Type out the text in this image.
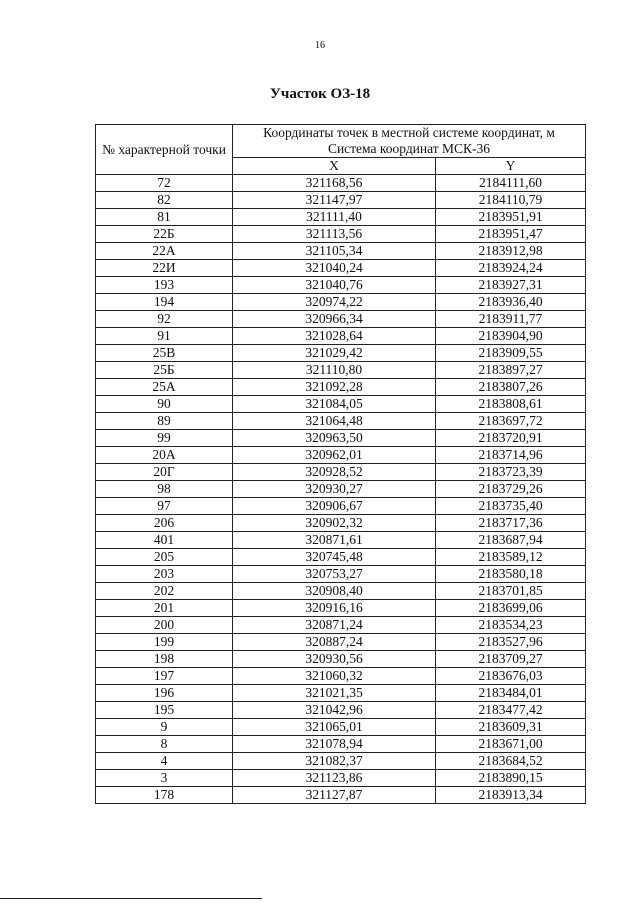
16
Участок ОЗ-18
№ характерной точки	Координаты точек в местной системе координат, м
Система координат МСК-36	

	X	Y
72	321168,56	2184111,60
82	321147,97	2184110,79
81	321111,40	2183951,91
22Б	321113,56	2183951,47
22А	321105,34	2183912,98
22И	321040,24	2183924,24
193	321040,76	2183927,31
194	320974,22	2183936,40
92	320966,34	2183911,77
91	321028,64	2183904,90
25В	321029,42	2183909,55
25Б	321110,80	2183897,27
25А	321092,28	2183807,26
90	321084,05	2183808,61
89	321064,48	2183697,72
99	320963,50	2183720,91
20А	320962,01	2183714,96
20Г	320928,52	2183723,39
98	320930,27	2183729,26
97	320906,67	2183735,40
206	320902,32	2183717,36
401	320871,61	2183687,94
205	320745,48	2183589,12
203	320753,27	2183580,18
202	320908,40	2183701,85
201	320916,16	2183699,06
200	320871,24	2183534,23
199	320887,24	2183527,96
198	320930,56	2183709,27
197	321060,32	2183676,03
196	321021,35	2183484,01
195	321042,96	2183477,42
9	321065,01	2183609,31
8	321078,94	2183671,00
4	321082,37	2183684,52
3	321123,86	2183890,15
178	321127,87	2183913,34
